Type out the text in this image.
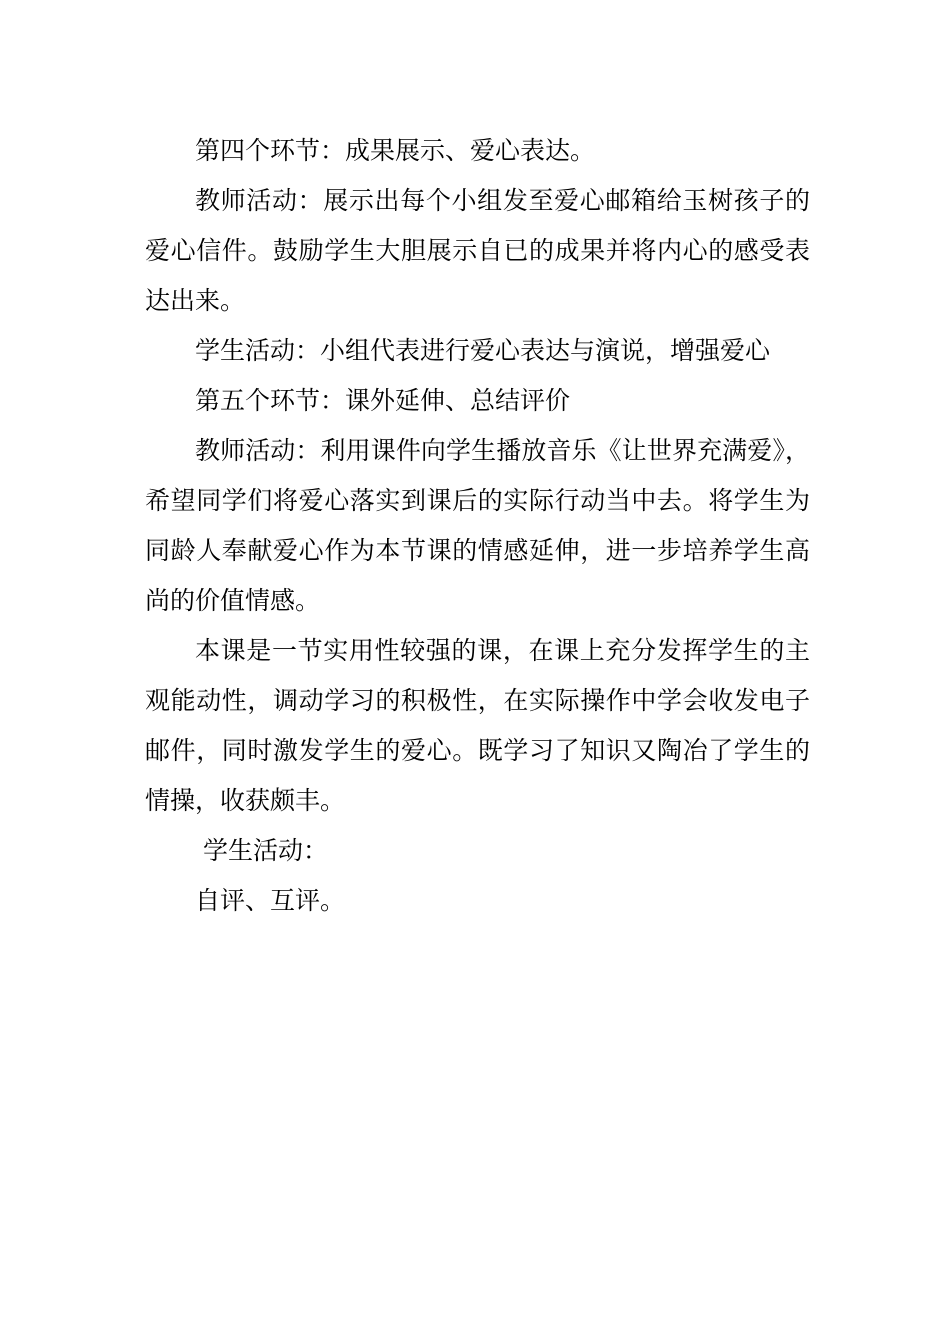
第四个环节：成果展示、爱心表达。

教师活动：展示出每个小组发至爱心邮箱给玉树孩子的爱心信件。鼓励学生大胆展示自已的成果并将内心的感受表达出来。

学生活动：小组代表进行爱心表达与演说，增强爱心

第五个环节：课外延伸、总结评价

教师活动：利用课件向学生播放音乐《让世界充满爱》，希望同学们将爱心落实到课后的实际行动当中去。将学生为同龄人奉献爱心作为本节课的情感延伸，进一步培养学生高尚的价值情感。

本课是一节实用性较强的课，在课上充分发挥学生的主观能动性，调动学习的积极性，在实际操作中学会收发电子邮件，同时激发学生的爱心。既学习了知识又陶冶了学生的情操，收获颇丰。

学生活动：

自评、互评。
